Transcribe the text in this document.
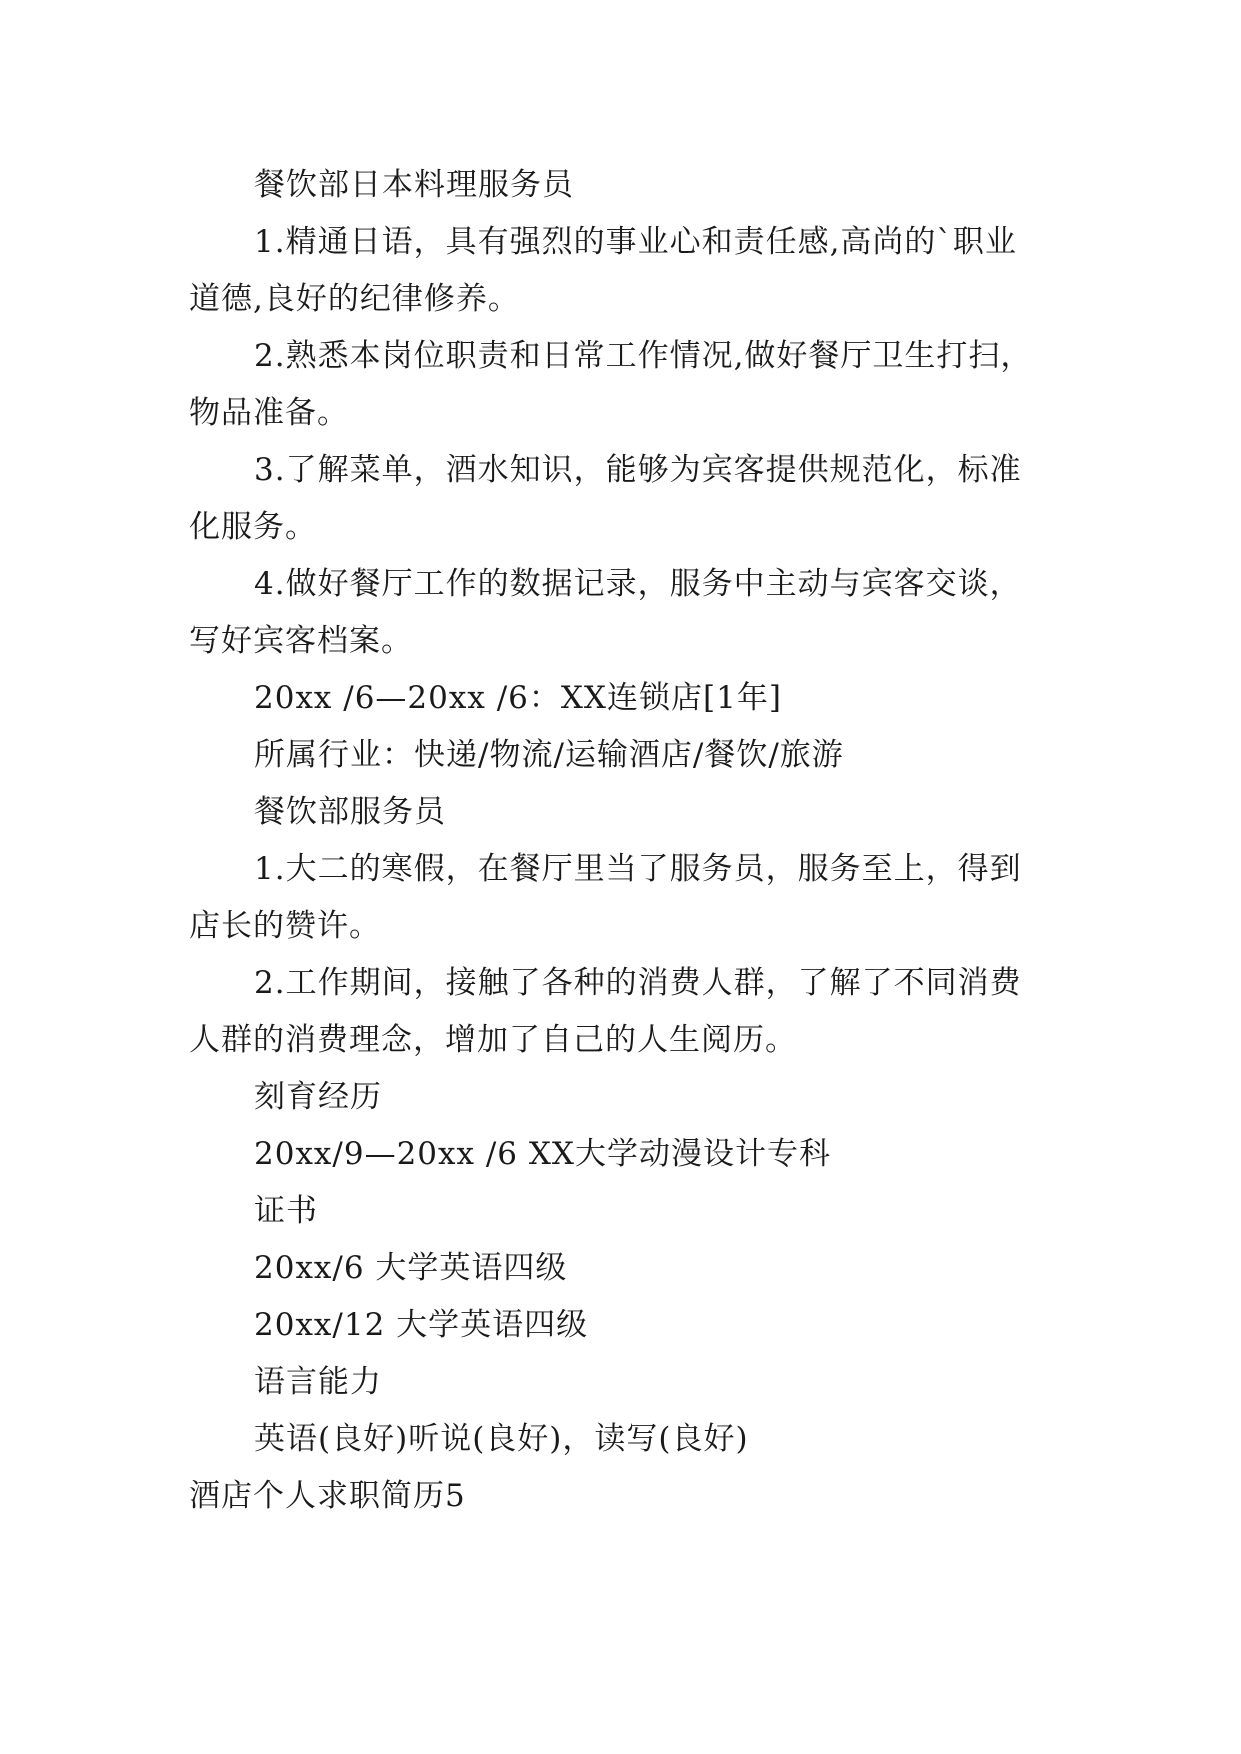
餐饮部日本料理服务员
1.精通日语，具有强烈的事业心和责任感,高尚的`职业
道德,良好的纪律修养。
2.熟悉本岗位职责和日常工作情况,做好餐厅卫生打扫，
物品准备。
3.了解菜单，酒水知识，能够为宾客提供规范化，标准
化服务。
4.做好餐厅工作的数据记录，服务中主动与宾客交谈，
写好宾客档案。
20xx /6—20xx /6：XX连锁店[1年]
所属行业：快递/物流/运输酒店/餐饮/旅游
餐饮部服务员
1.大二的寒假，在餐厅里当了服务员，服务至上，得到
店长的赞许。
2.工作期间，接触了各种的消费人群，了解了不同消费
人群的消费理念，增加了自己的人生阅历。
刻育经历
20xx/9—20xx /6 XX大学动漫设计专科
证书
20xx/6 大学英语四级
20xx/12 大学英语四级
语言能力
英语(良好)听说(良好)，读写(良好)
酒店个人求职简历5
